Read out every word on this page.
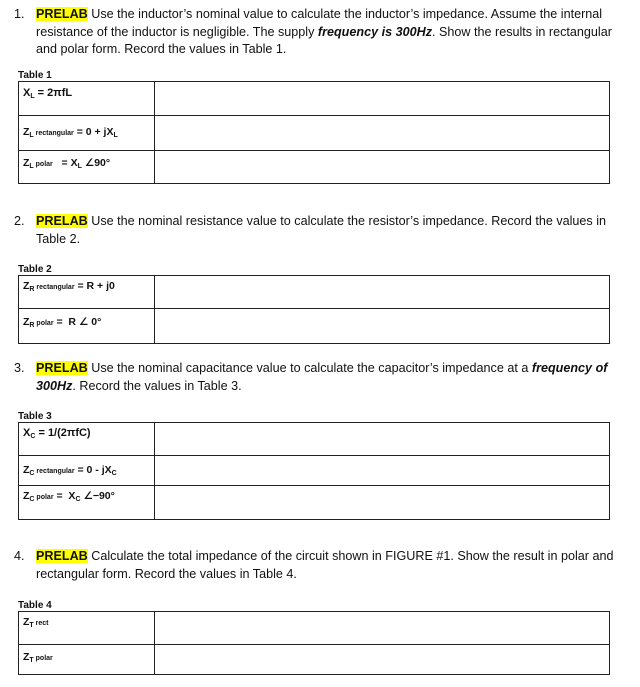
1. PRELAB Use the inductor’s nominal value to calculate the inductor’s impedance. Assume the internal resistance of the inductor is negligible. The supply frequency is 300Hz. Show the results in rectangular and polar form. Record the values in Table 1.
Table 1
$X_L = 2\pi fL$	
$Z_L$ rectangular = $0 + jX_L$	
$Z_L$ polar   = $X_L$ ∠90°	
2. PRELAB Use the nominal resistance value to calculate the resistor’s impedance. Record the values in Table 2.
Table 2
$Z_R$ rectangular = R + j0	
$Z_R$ polar =  R ∠ 0°	
3. PRELAB Use the nominal capacitance value to calculate the capacitor’s impedance at a frequency of 300Hz. Record the values in Table 3.
Table 3
$X_C = 1/(2\pi fC)$	
$Z_C$ rectangular = $0 - jX_C$	
$Z_C$ polar =  $X_C$ ∠−90°	
4. PRELAB Calculate the total impedance of the circuit shown in FIGURE #1. Show the result in polar and rectangular form. Record the values in Table 4.
Table 4
$Z_T$ rect	
$Z_T$ polar	
